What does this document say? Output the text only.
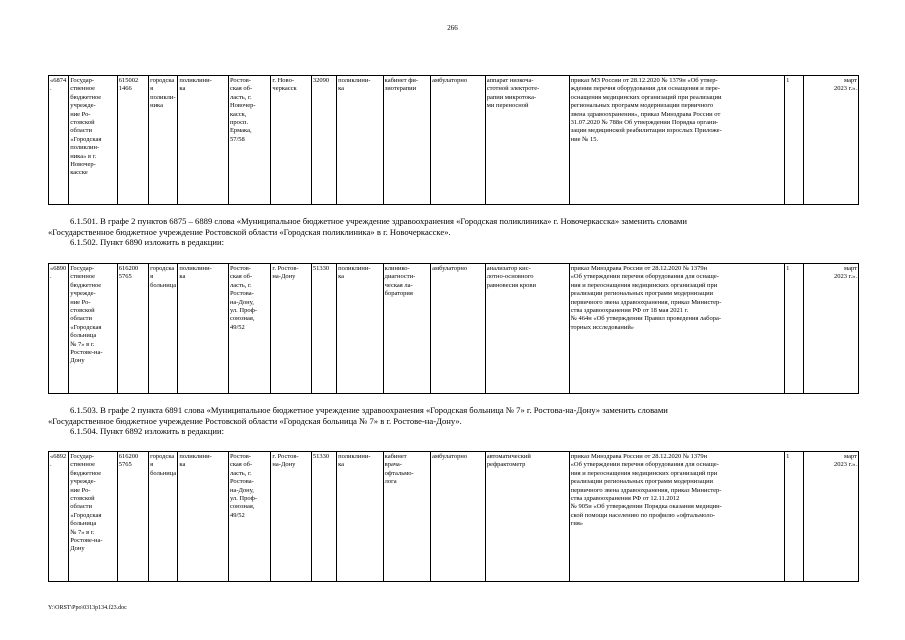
266
«6874.	Государ-
ственное
бюджетное
учрежде-
ние Ро-
стовской
области
«Городская
поликлин-
ника» в г.
Новочер-
касске	615002
1466	городская
поликли-
ника	поликлини-
ка	Ростов-
ская об-
ласть, г.
Новочер-
касск,
просп.
Ермака,
57/58	г. Ново-
черкасск	32090	поликлини-
ка	кабинет фи-
зиотерапии	амбулаторно	аппарат низкоча-
стотной электроте-
рапии микротока-
ми переносной	приказ МЗ России от 28.12.2020 № 1379н «Об утвер-
ждении перечня оборудования для оснащения и пере-
оснащения медицинских организаций при реализации
региональных программ модернизации первичного
звена здравоохранения», приказ Минздрава России от
31.07.2020 № 788н Об утверждении Порядка органи-
зации медицинской реабилитации взрослых Приложе-
ние № 15.	1	март
2023 г.».
6.1.501. В графе 2 пунктов 6875 – 6889 слова «Муниципальное бюджетное учреждение здравоохранения «Городская поликлиника» г. Новочеркасска» заменить словами
«Государственное бюджетное учреждение Ростовской области «Городская поликлиника» в г. Новочеркасске».
6.1.502. Пункт 6890 изложить в редакции:
«6890.	Государ-
ственное
бюджетное
учрежде-
ние Ро-
стовской
области
«Городская
больница
№ 7» в г.
Ростове-на-
Дону	616200
5765	городская
больница	поликлини-
ка	Ростов-
ская об-
ласть, г.
Ростова-
на-Дону,
ул. Проф-
союзная,
49/52	г. Ростов-
на-Дону	51330	поликлини-
ка	клинико-
диагности-
ческая ла-
боратория	амбулаторно	анализатор кис-
лотно-основного
равновесия крови	приказ Минздрава России от 28.12.2020 № 1379н
«Об утверждении перечня оборудования для оснаще-
ния и переоснащения медицинских организаций при
реализации региональных программ модернизации
первичного звена здравоохранения, приказ Министер-
ства здравоохранения РФ от 18 мая 2021 г.
№ 464н «Об утверждении Правил проведения лабора-
торных исследований»	1	март
2023 г.».
6.1.503. В графе 2 пункта 6891 слова «Муниципальное бюджетное учреждение здравоохранения «Городская больница № 7» г. Ростова-на-Дону» заменить словами
«Государственное бюджетное учреждение Ростовской области «Городская больница № 7» в г. Ростове-на-Дону».
6.1.504. Пункт 6892 изложить в редакции:
«6892.	Государ-
ственное
бюджетное
учрежде-
ние Ро-
стовской
области
«Городская
больница
№ 7» в г.
Ростове-на-
Дону	616200
5765	городская
больница	поликлини-
ка	Ростов-
ская об-
ласть, г.
Ростова-
на-Дону,
ул. Проф-
союзная,
49/52	г. Ростов-
на-Дону	51330	поликлини-
ка	кабинет
врача-
офтальмо-
лога	амбулаторно	автоматический
рефрактометр	приказ Минздрава России от 28.12.2020 № 1379н
«Об утверждении перечня оборудования для оснаще-
ния и переоснащения медицинских организаций при
реализации региональных программ модернизации
первичного звена здравоохранения, приказ Министер-
ства здравоохранения РФ от 12.11.2012
№ 905н «Об утверждении Порядка оказания медицин-
ской помощи населению по профилю «офтальмоло-
гия»	1	март
2023 г.».
Y:\ORST\Ppo\0313p134.f23.doc
